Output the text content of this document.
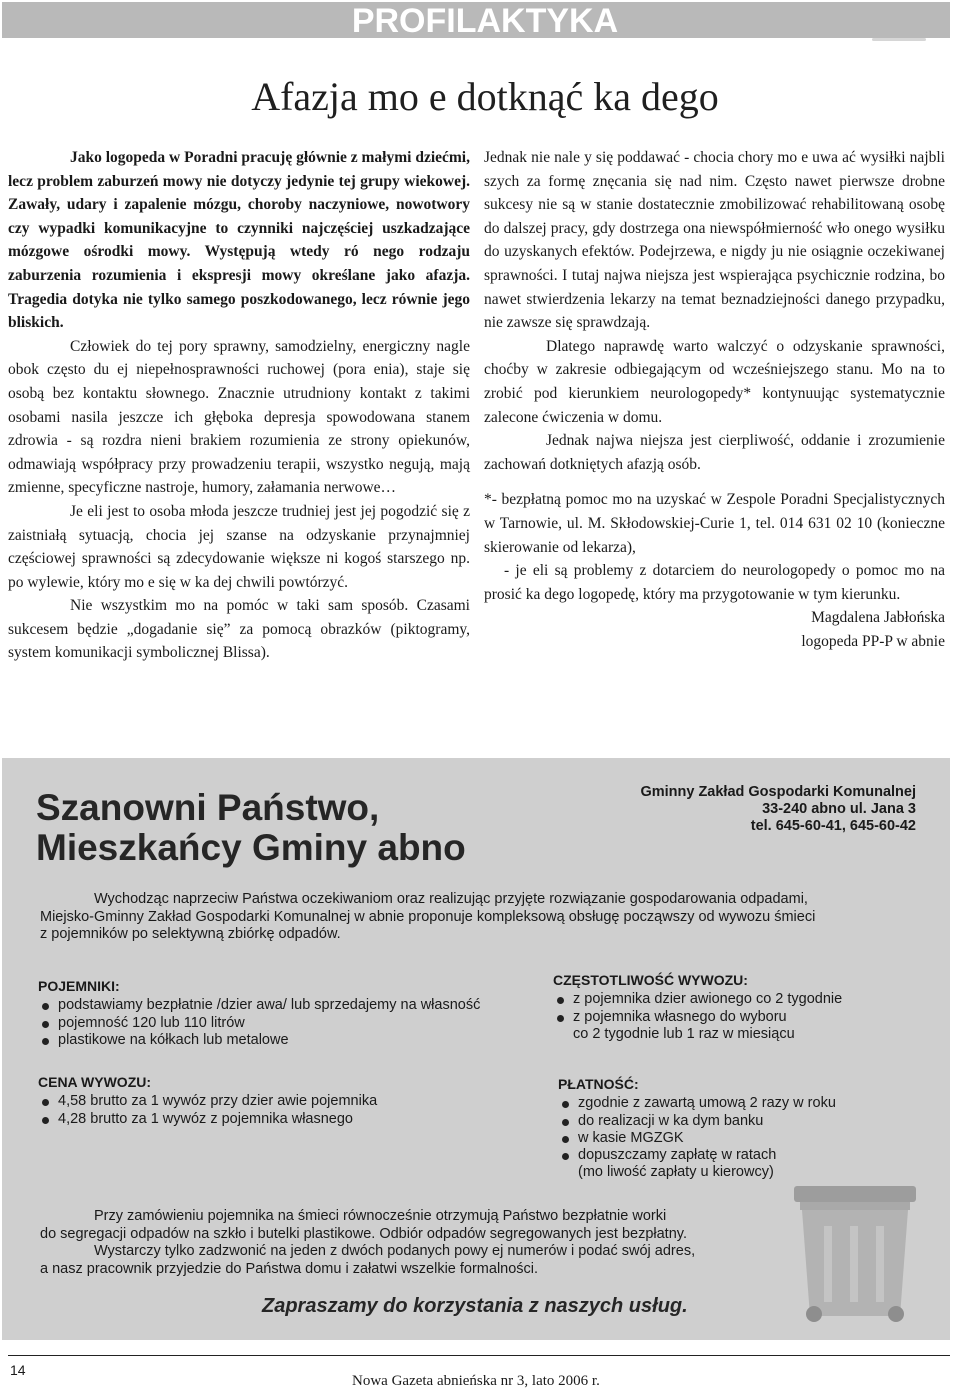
PROFILAKTYKA
Afazja mo e dotknąć ka dego

Jako logopeda w Poradni pracuję głównie z małymi dziećmi, lecz problem zaburzeń mowy nie dotyczy jedynie tej grupy wiekowej. Zawały, udary i zapalenie mózgu, choroby naczyniowe, nowotwory czy wypadki komunikacyjne to czynniki najczęściej uszkadzające mózgowe ośrodki mowy. Występują wtedy ró nego rodzaju zaburzenia rozumienia i ekspresji mowy określane jako afazja. Tragedia dotyka nie tylko samego poszkodowanego, lecz równie jego bliskich.

Człowiek do tej pory sprawny, samodzielny, energiczny nagle obok często du ej niepełnosprawności ruchowej (pora enia), staje się osobą bez kontaktu słownego. Znacznie utrudniony kontakt z takimi osobami nasila jeszcze ich głęboka depresja spowodowana stanem zdrowia - są rozdra nieni brakiem rozumienia ze strony opiekunów, odmawiają współpracy przy prowadzeniu terapii, wszystko negują, mają zmienne, specyficzne nastroje, humory, załamania nerwowe…

Je eli jest to osoba młoda jeszcze trudniej jest jej pogodzić się z zaistniałą sytuacją, chocia jej szanse na odzyskanie przynajmniej częściowej sprawności są zdecydowanie większe ni kogoś starszego np. po wylewie, który mo e się w ka dej chwili powtórzyć.

Nie wszystkim mo na pomóc w taki sam sposób. Czasami sukcesem będzie „dogadanie się” za pomocą obrazków (piktogramy, system komunikacji symbolicznej Blissa).

Jednak nie nale y się poddawać - chocia chory mo e uwa ać wysiłki najbli szych za formę znęcania się nad nim. Często nawet pierwsze drobne sukcesy nie są w stanie dostatecznie zmobilizować rehabilitowaną osobę do dalszej pracy, gdy dostrzega ona niewspółmierność wło onego wysiłku do uzyskanych efektów. Podejrzewa, e nigdy ju nie osiągnie oczekiwanej sprawności. I tutaj najwa niejsza jest wspierająca psychicznie rodzina, bo nawet stwierdzenia lekarzy na temat beznadziejności danego przypadku, nie zawsze się sprawdzają.

Dlatego naprawdę warto walczyć o odzyskanie sprawności, choćby w zakresie odbiegającym od wcześniejszego stanu. Mo na to zrobić pod kierunkiem neurologopedy* kontynuując systematycznie zalecone ćwiczenia w domu.

Jednak najwa niejsza jest cierpliwość, oddanie i zrozumienie zachowań dotkniętych afazją osób.

*- bezpłatną pomoc mo na uzyskać w Zespole Poradni Specjalistycznych w Tarnowie, ul. M. Skłodowskiej-Curie 1, tel. 014 631 02 10 (konieczne skierowanie od lekarza),

- je eli są problemy z dotarciem do neurologopedy o pomoc mo na prosić ka dego logopedę, który ma przygotowanie w tym kierunku.

Magdalena Jabłońska

logopeda PP-P w abnie

Szanowni Państwo,
Mieszkańcy Gminy abno
Gminny Zakład Gospodarki Komunalnej
33-240 abno ul. Jana 3
tel. 645-60-41, 645-60-42

Wychodząc naprzeciw Państwa oczekiwaniom oraz realizując przyjęte rozwiązanie gospodarowania odpadami,

Miejsko-Gminny Zakład Gospodarki Komunalnej w abnie proponuje kompleksową obsługę począwszy od wywozu śmieci

z pojemników po selektywną zbiórkę odpadów.

POJEMNIKI:
podstawiamy bezpłatnie /dzier awa/ lub sprzedajemy na własność
pojemność 120 lub 110 litrów
plastikowe na kółkach lub metalowe
CZĘSTOTLIWOŚĆ WYWOZU:
z pojemnika dzier awionego co 2 tygodnie
z pojemnika własnego do wyboru
co 2 tygodnie lub 1 raz w miesiącu
CENA WYWOZU:
4,58 brutto za 1 wywóz przy dzier awie pojemnika
4,28 brutto za 1 wywóz z pojemnika własnego
PŁATNOŚĆ:
zgodnie z zawartą umową 2 razy w roku
do realizacji w ka dym banku
w kasie MGZGK
dopuszczamy zapłatę w ratach
(mo liwość zapłaty u kierowcy)

Przy zamówieniu pojemnika na śmieci równocześnie otrzymują Państwo bezpłatnie worki

do segregacji odpadów na szkło i butelki plastikowe. Odbiór odpadów segregowanych jest bezpłatny.

Wystarczy tylko zadzwonić na jeden z dwóch podanych powy ej numerów i podać swój adres,

a nasz pracownik przyjedzie do Państwa domu i załatwi wszelkie formalności.

Zapraszamy do korzystania z naszych usług.
14
Nowa Gazeta abnieńska nr 3, lato 2006 r.
